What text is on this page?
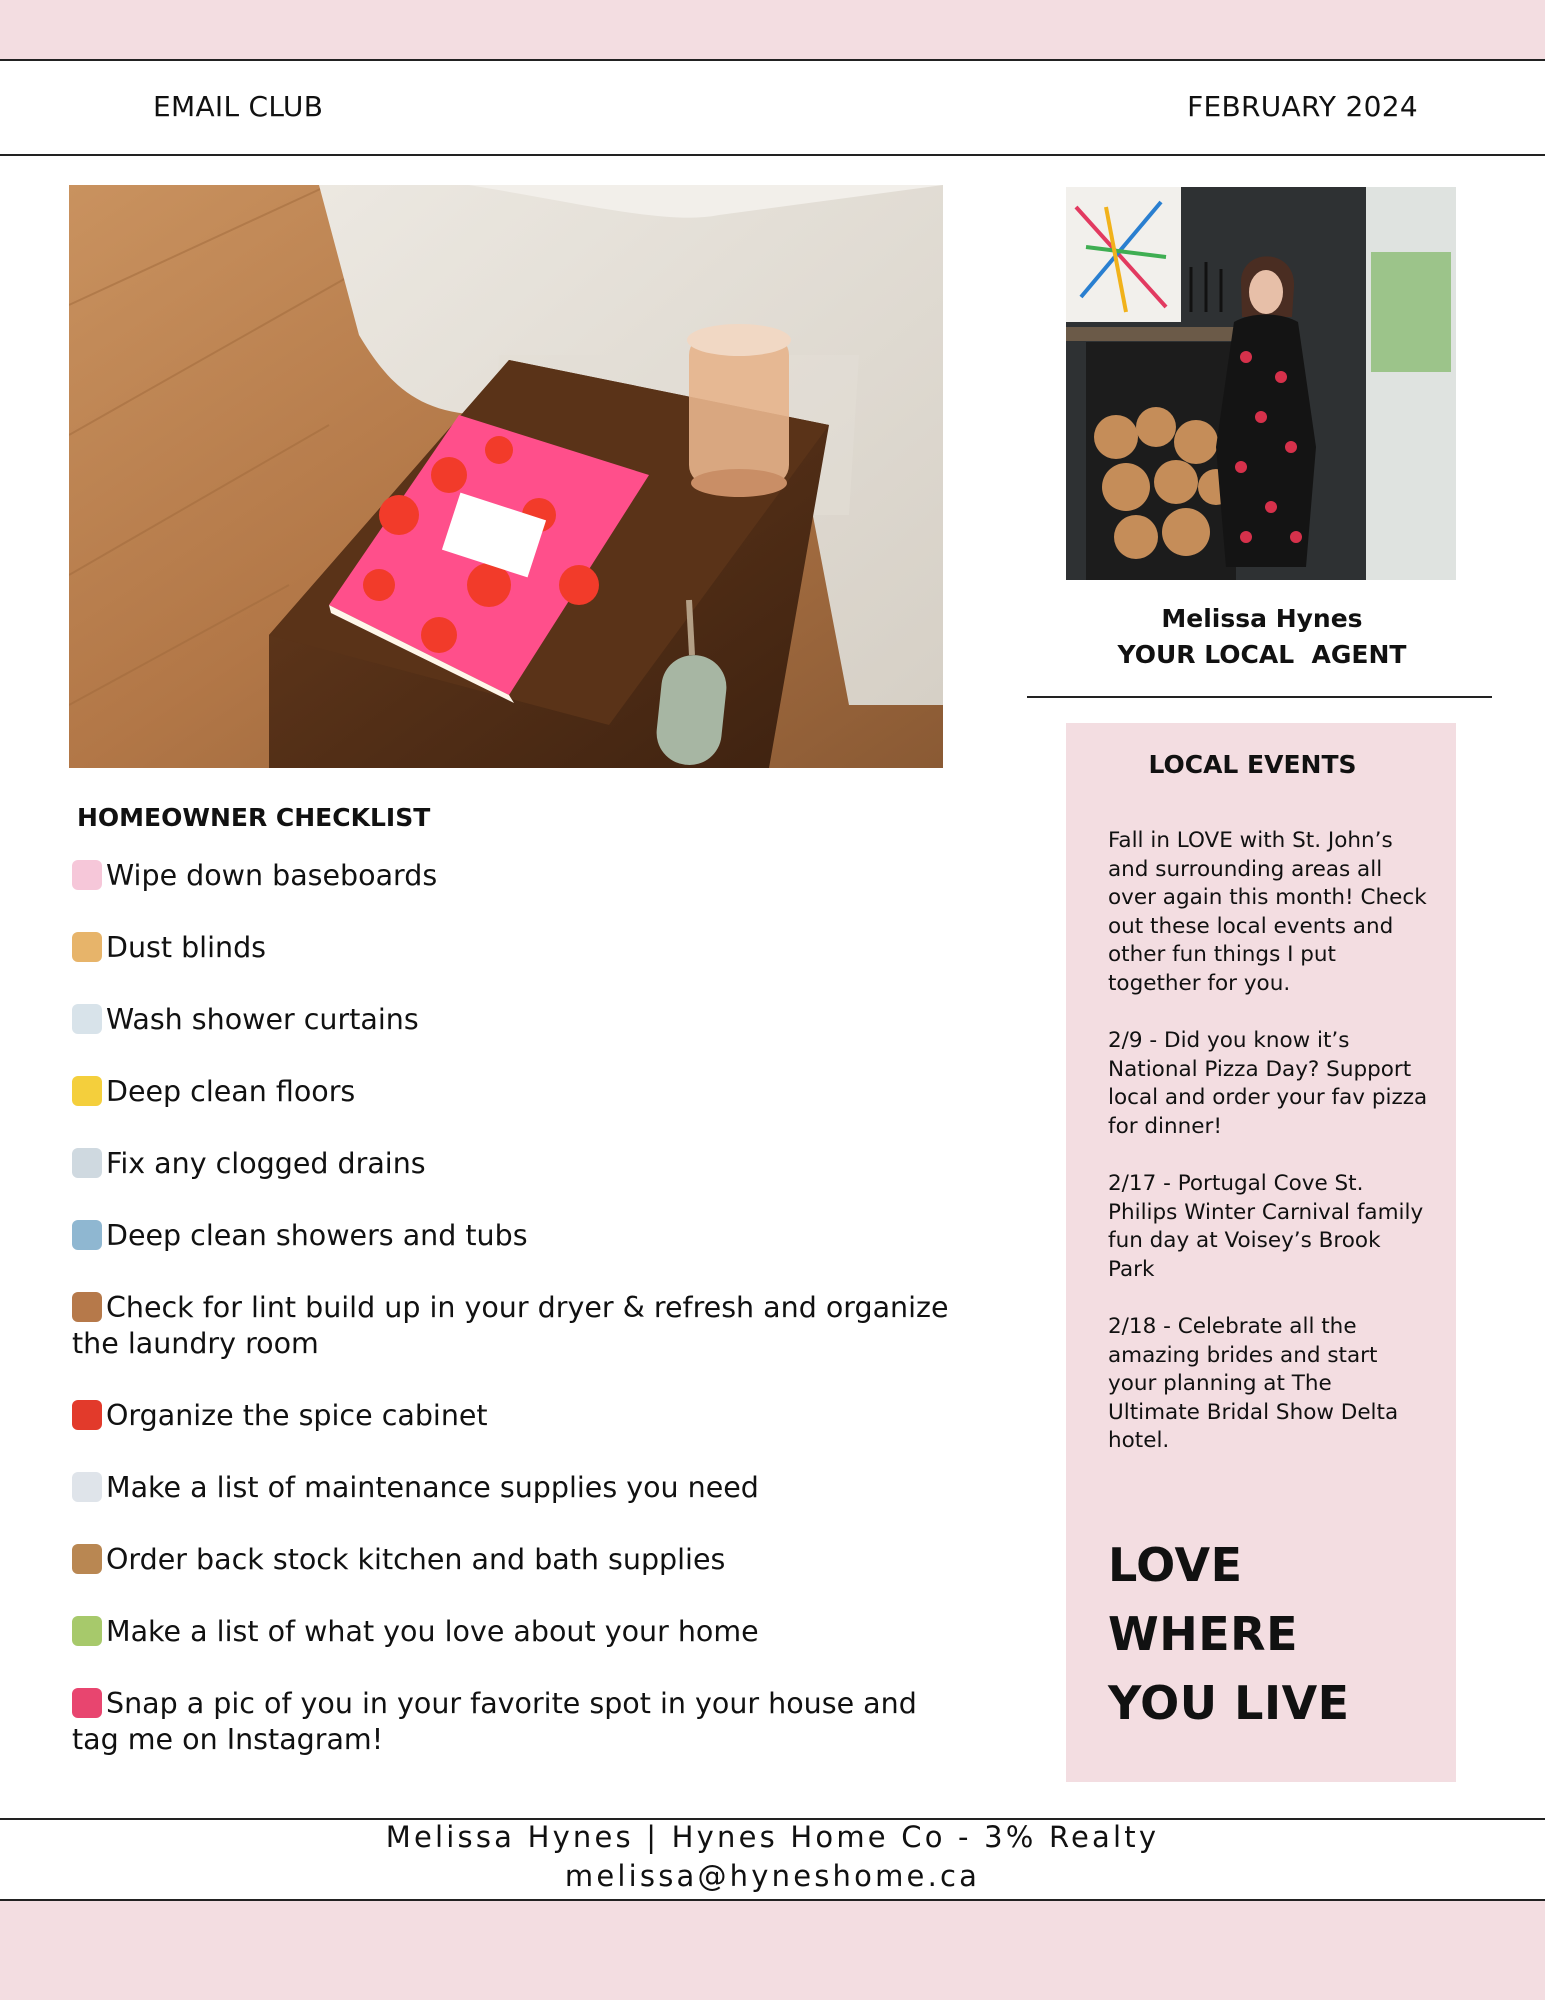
EMAIL CLUB	FEBRUARY 2024
HOMEOWNER CHECKLIST
Wipe down baseboards
Dust blinds
Wash shower curtains
Deep clean floors
Fix any clogged drains
Deep clean showers and tubs
Check for lint build up in your dryer & refresh and organize the laundry room
Organize the spice cabinet
Make a list of maintenance supplies you need
Order back stock kitchen and bath supplies
Make a list of what you love about your home
Snap a pic of you in your favorite spot in your house and tag me on Instagram!
Melissa Hynes
YOUR LOCAL  AGENT
LOCAL EVENTS

Fall in LOVE with St. John’s and surrounding areas all over again this month! Check out these local events and other fun things I put together for you.

2/9 - Did you know it’s National Pizza Day? Support local and order your fav pizza for dinner!

2/17 - Portugal Cove St. Philips Winter Carnival family fun day at Voisey’s Brook Park

2/18 - Celebrate all the amazing brides and start your planning at The Ultimate Bridal Show Delta hotel.

LOVE
WHERE
YOU LIVE
Melissa Hynes | Hynes Home Co - 3% Realty
melissa@hyneshome.ca
